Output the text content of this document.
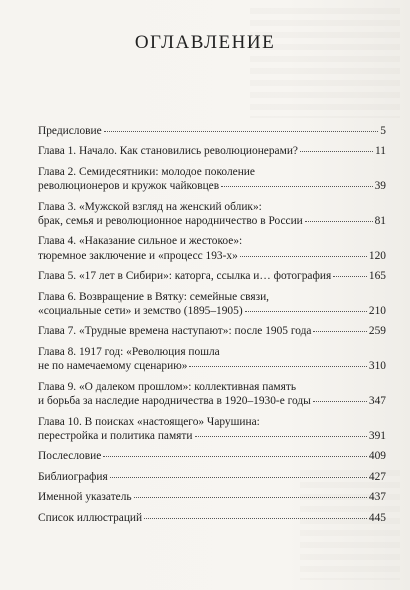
ОГЛАВЛЕНИЕ
Предисловие	5
Глава 1. Начало. Как становились революционерами?	11
Глава 2. Семидесятники: молодое поколение
революционеров и кружок чайковцев	39
Глава 3. «Мужской взгляд на женский облик»:
брак, семья и революционное народничество в России	81
Глава 4. «Наказание сильное и жестокое»:
тюремное заключение и «процесс 193-х»	120
Глава 5. «17 лет в Сибири»: каторга, ссылка и… фотография	165
Глава 6. Возвращение в Вятку: семейные связи,
«социальные сети» и земство (1895–1905)	210
Глава 7. «Трудные времена наступают»: после 1905 года	259
Глава 8. 1917 год: «Революция пошла
не по намечаемому сценарию»	310
Глава 9. «О далеком прошлом»: коллективная память
и борьба за наследие народничества в 1920–1930-е годы	347
Глава 10. В поисках «настоящего» Чарушина:
перестройка и политика памяти	391
Послесловие	409
Библиография	427
Именной указатель	437
Список иллюстраций	445
